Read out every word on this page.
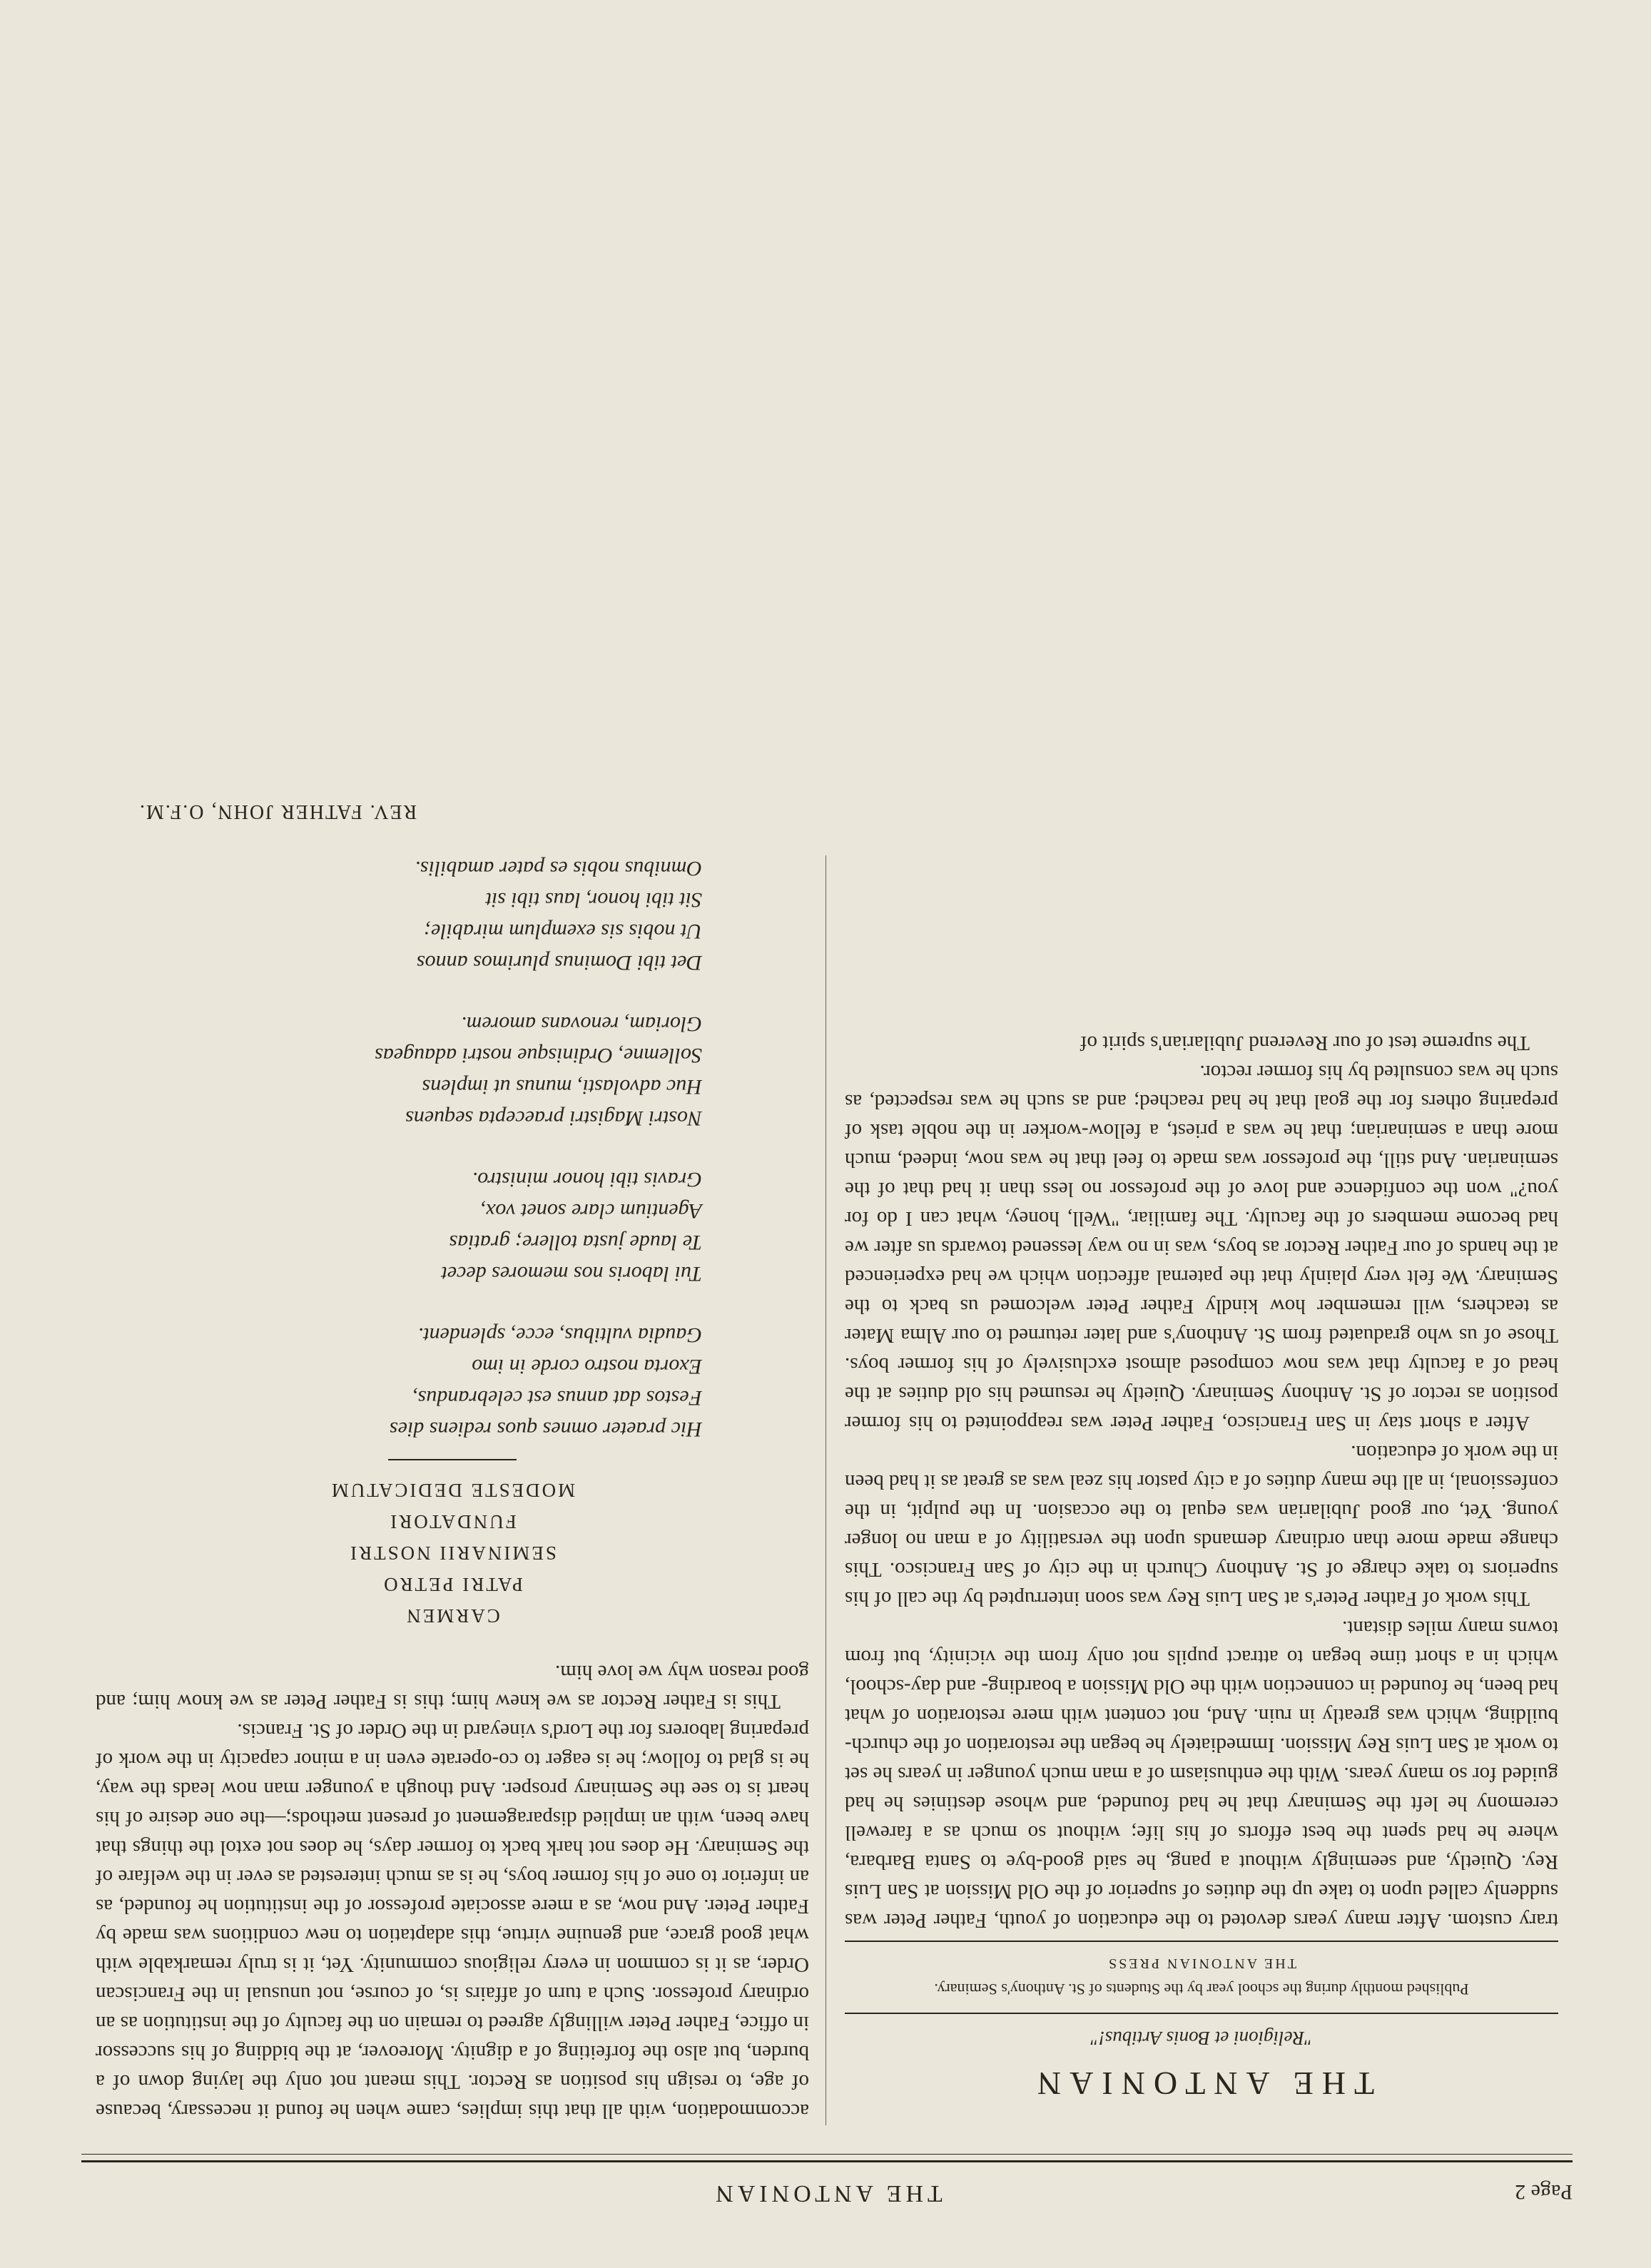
Page 2
THE ANTONIAN
THE ANTONIAN
"Religioni et Bonis Artibus!"
Published monthly during the school year by the Students of St. Anthony's Seminary.
THE ANTONIAN PRESS

trary custom. After many years devoted to the education of youth, Father Peter was suddenly called upon to take up the duties of superior of the Old Mission at San Luis Rey. Quietly, and seemingly without a pang, he said good-bye to Santa Barbara, where he had spent the best efforts of his life; without so much as a farewell ceremony he left the Seminary that he had founded, and whose destinies he had guided for so many years. With the enthusiasm of a man much younger in years he set to work at San Luis Rey Mission. Immediately he began the restoration of the church-building, which was greatly in ruin. And, not content with mere restoration of what had been, he founded in connection with the Old Mission a boarding- and day-school, which in a short time began to attract pupils not only from the vicinity, but from towns many miles distant.

This work of Father Peter's at San Luis Rey was soon interrupted by the call of his superiors to take charge of St. Anthony Church in the city of San Francisco. This change made more than ordinary demands upon the versatility of a man no longer young. Yet, our good Jubilarian was equal to the occasion. In the pulpit, in the confessional, in all the many duties of a city pastor his zeal was as great as it had been in the work of education.

After a short stay in San Francisco, Father Peter was reappointed to his former position as rector of St. Anthony Seminary. Quietly he resumed his old duties at the head of a faculty that was now composed almost exclusively of his former boys. Those of us who graduated from St. Anthony's and later returned to our Alma Mater as teachers, will remember how kindly Father Peter welcomed us back to the Seminary. We felt very plainly that the paternal affection which we had experienced at the hands of our Father Rector as boys, was in no way lessened towards us after we had become members of the faculty. The familiar, "Well, honey, what can I do for you?" won the confidence and love of the professor no less than it had that of the seminarian. And still, the professor was made to feel that he was now, indeed, much more than a seminarian; that he was a priest, a fellow-worker in the noble task of preparing others for the goal that he had reached; and as such he was respected, as such he was consulted by his former rector.

The supreme test of our Reverend Jubilarian's spirit of

accommodation, with all that this implies, came when he found it necessary, because of age, to resign his position as Rector. This meant not only the laying down of a burden, but also the forfeiting of a dignity. Moreover, at the bidding of his successor in office, Father Peter willingly agreed to remain on the faculty of the institution as an ordinary professor. Such a turn of affairs is, of course, not unusual in the Franciscan Order, as it is common in every religious community. Yet, it is truly remarkable with what good grace, and genuine virtue, this adaptation to new conditions was made by Father Peter. And now, as a mere associate professor of the institution he founded, as an inferior to one of his former boys, he is as much interested as ever in the welfare of the Seminary. He does not hark back to former days, he does not extol the things that have been, with an implied disparagement of present methods;—the one desire of his heart is to see the Seminary prosper. And though a younger man now leads the way, he is glad to follow; he is eager to co-operate even in a minor capacity in the work of preparing laborers for the Lord's vineyard in the Order of St. Francis.

This is Father Rector as we knew him; this is Father Peter as we know him; and good reason why we love him.

CARMEN
PATRI PETRO
SEMINARII NOSTRI
FUNDATORI
MODESTE DEDICATUM
Hic praeter omnes quos rediens dies
Festos dat annus est celebrandus,
Exorta nostro corde in imo
Gaudia vultibus, ecce, splendent.
Tui laboris nos memores decet
Te laude justa tollere; gratias
Agentium clare sonet vox,
Gravis tibi honor ministro.
Nostri Magistri praecepta sequens
Huc advolasti, munus ut implens
Sollemne, Ordinisque nostri adaugeas
Gloriam, renovans amorem.
Det tibi Dominus plurimos annos
Ut nobis sis exemplum mirabile;
Sit tibi honor, laus tibi sit
Omnibus nobis es pater amabilis.
REV. FATHER JOHN, O.F.M.
